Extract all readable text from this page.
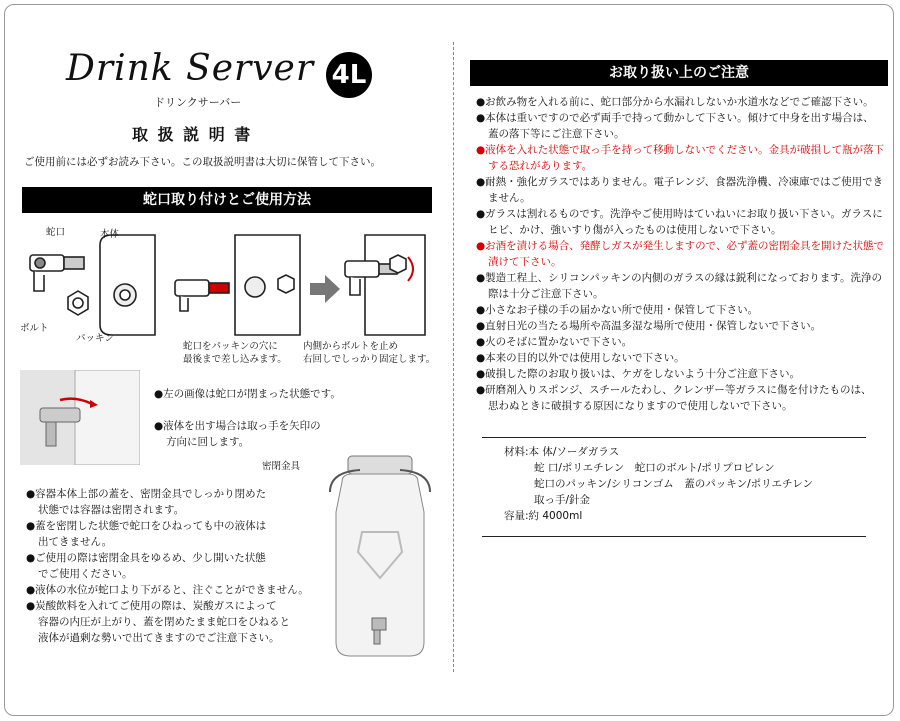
Drink Server 4L
ドリンクサーバー
取 扱 説 明 書
ご使用前には必ずお読み下さい。この取扱説明書は大切に保管して下さい。
蛇口取り付けとご使用方法
蛇口	本体
ボルト
パッキン
蛇口をパッキンの穴に
最後まで差し込みます。
内側からボルトを止め
右回しでしっかり固定します。
●左の画像は蛇口が閉まった状態です。
●液体を出す場合は取っ手を矢印の
方向に回します。
密閉金具
●容器本体上部の蓋を、密閉金具でしっかり閉めた
状態では容器は密閉されます。
●蓋を密閉した状態で蛇口をひねっても中の液体は
出てきません。
●ご使用の際は密閉金具をゆるめ、少し開いた状態
でご使用ください。
●液体の水位が蛇口より下がると、注ぐことができません。
●炭酸飲料を入れてご使用の際は、炭酸ガスによって
容器の内圧が上がり、蓋を閉めたまま蛇口をひねると
液体が過剰な勢いで出てきますのでご注意下さい。
お取り扱い上のご注意
●お飲み物を入れる前に、蛇口部分から水漏れしないか水道水などでご確認下さい。
●本体は重いですので必ず両手で持って動かして下さい。傾けて中身を出す場合は、
蓋の落下等にご注意下さい。
●液体を入れた状態で取っ手を持って移動しないでください。金具が破損して瓶が落下
する恐れがあります。
●耐熱・強化ガラスではありません。電子レンジ、食器洗浄機、冷凍庫ではご使用でき
ません。
●ガラスは割れるものです。洗浄やご使用時はていねいにお取り扱い下さい。ガラスに
ヒビ、かけ、強いすり傷が入ったものは使用しないで下さい。
●お酒を漬ける場合、発酵しガスが発生しますので、必ず蓋の密閉金具を開けた状態で
漬けて下さい。
●製造工程上、シリコンパッキンの内側のガラスの縁は鋭利になっております。洗浄の
際は十分ご注意下さい。
●小さなお子様の手の届かない所で使用・保管して下さい。
●直射日光の当たる場所や高温多湿な場所で使用・保管しないで下さい。
●火のそばに置かないで下さい。
●本来の目的以外では使用しないで下さい。
●破損した際のお取り扱いは、ケガをしないよう十分ご注意下さい。
●研磨剤入りスポンジ、スチールたわし、クレンザー等ガラスに傷を付けたものは、
思わぬときに破損する原因になりますので使用しないで下さい。
材料:本 体/ソーダガラス
蛇 口/ポリエチレン　蛇口のボルト/ポリプロピレン
蛇口のパッキン/シリコンゴム　蓋のパッキン/ポリエチレン
取っ手/針金
容量:約 4000ml
